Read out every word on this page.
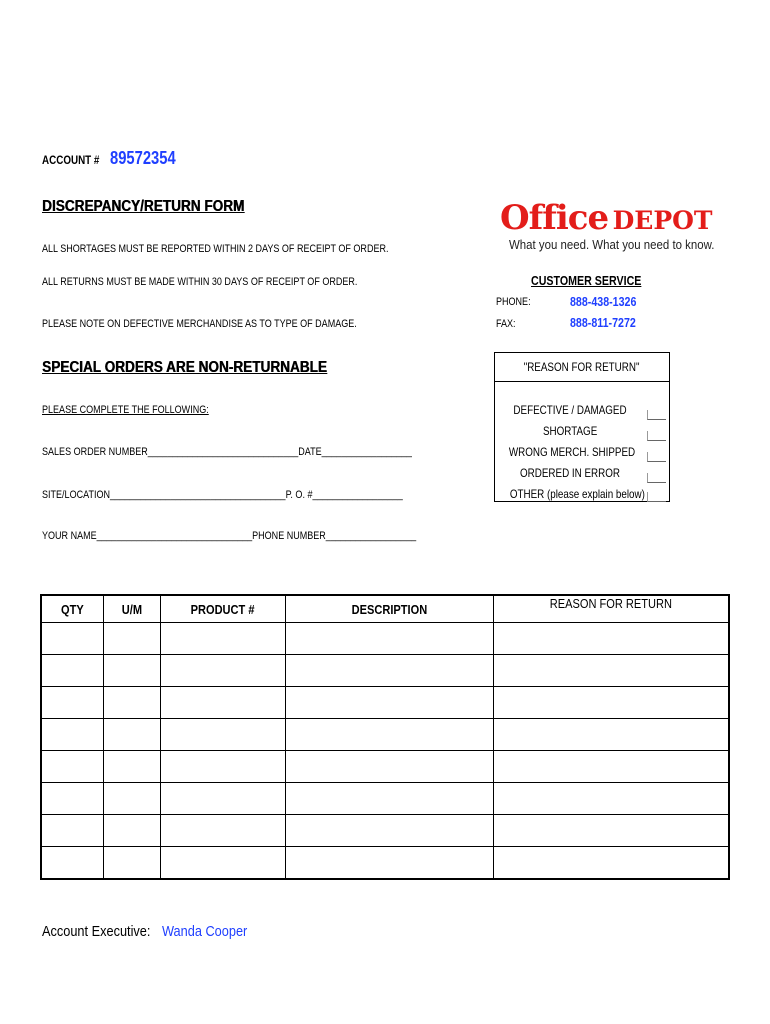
ACCOUNT # 89572354
DISCREPANCY/RETURN FORM
ALL SHORTAGES MUST BE REPORTED WITHIN 2 DAYS OF RECEIPT OF ORDER.
ALL RETURNS MUST BE MADE WITHIN 30 DAYS OF RECEIPT OF ORDER.
PLEASE NOTE ON DEFECTIVE MERCHANDISE AS TO TYPE OF DAMAGE.
SPECIAL ORDERS ARE NON-RETURNABLE
PLEASE COMPLETE THE FOLLOWING:
SALES ORDER NUMBER______________________________DATE__________________
SITE/LOCATION___________________________________P. O. #__________________
YOUR NAME_______________________________PHONE NUMBER__________________
Office DEPOT
What you need. What you need to know.
CUSTOMER SERVICE
PHONE:	888-438-1326
FAX:	888-811-7272
"REASON FOR RETURN"
DEFECTIVE / DAMAGED
SHORTAGE
WRONG MERCH. SHIPPED
ORDERED IN ERROR
OTHER (please explain below)
QTY	U/M	PRODUCT #	DESCRIPTION	REASON FOR RETURN

Account Executive: Wanda Cooper
